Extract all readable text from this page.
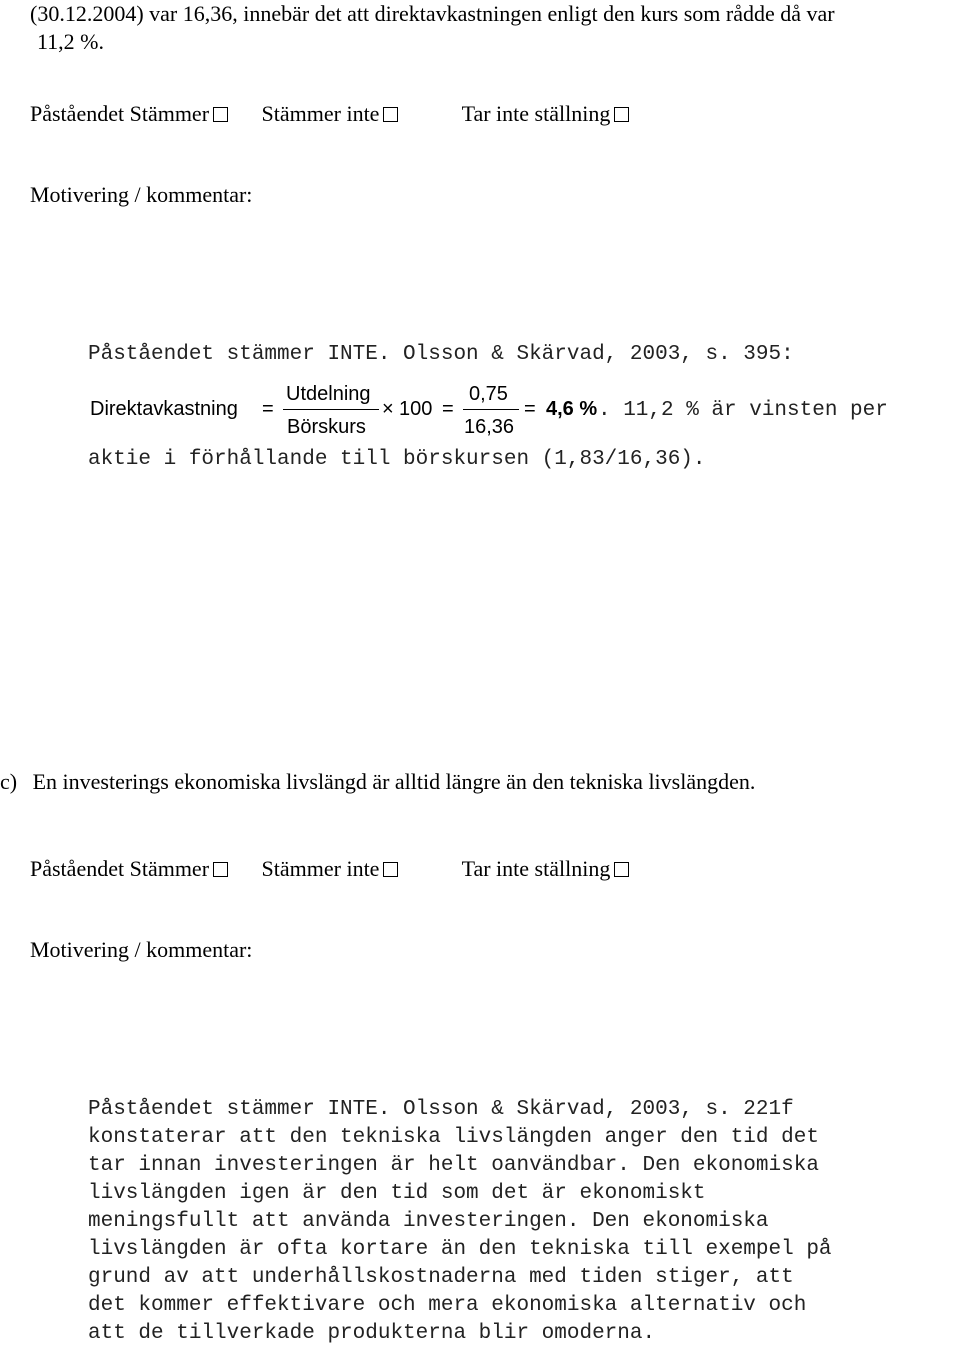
(30.12.2004) var 16,36, innebär det att direktavkastningen enligt den kurs som rådde då var
11,2 %.
Påståendet Stämmer Stämmer inte	Tar inte ställning
Motivering / kommentar:
Påståendet stämmer INTE. Olsson & Skärvad, 2003, s. 395:
Direktavkastning =
Utdelning
Börskurs
× 100 =
0,75
16,36
= 4,6 % . 11,2 % är vinsten per
aktie i förhållande till börskursen (1,83/16,36).
c) En investerings ekonomiska livslängd är alltid längre än den tekniska livslängden.
Påståendet Stämmer Stämmer inte	Tar inte ställning
Motivering / kommentar:
Påståendet stämmer INTE. Olsson & Skärvad, 2003, s. 221f
konstaterar att den tekniska livslängden anger den tid det
tar innan investeringen är helt oanvändbar. Den ekonomiska
livslängden igen är den tid som det är ekonomiskt
meningsfullt att använda investeringen. Den ekonomiska
livslängden är ofta kortare än den tekniska till exempel på
grund av att underhållskostnaderna med tiden stiger, att
det kommer effektivare och mera ekonomiska alternativ och
att de tillverkade produkterna blir omoderna.
